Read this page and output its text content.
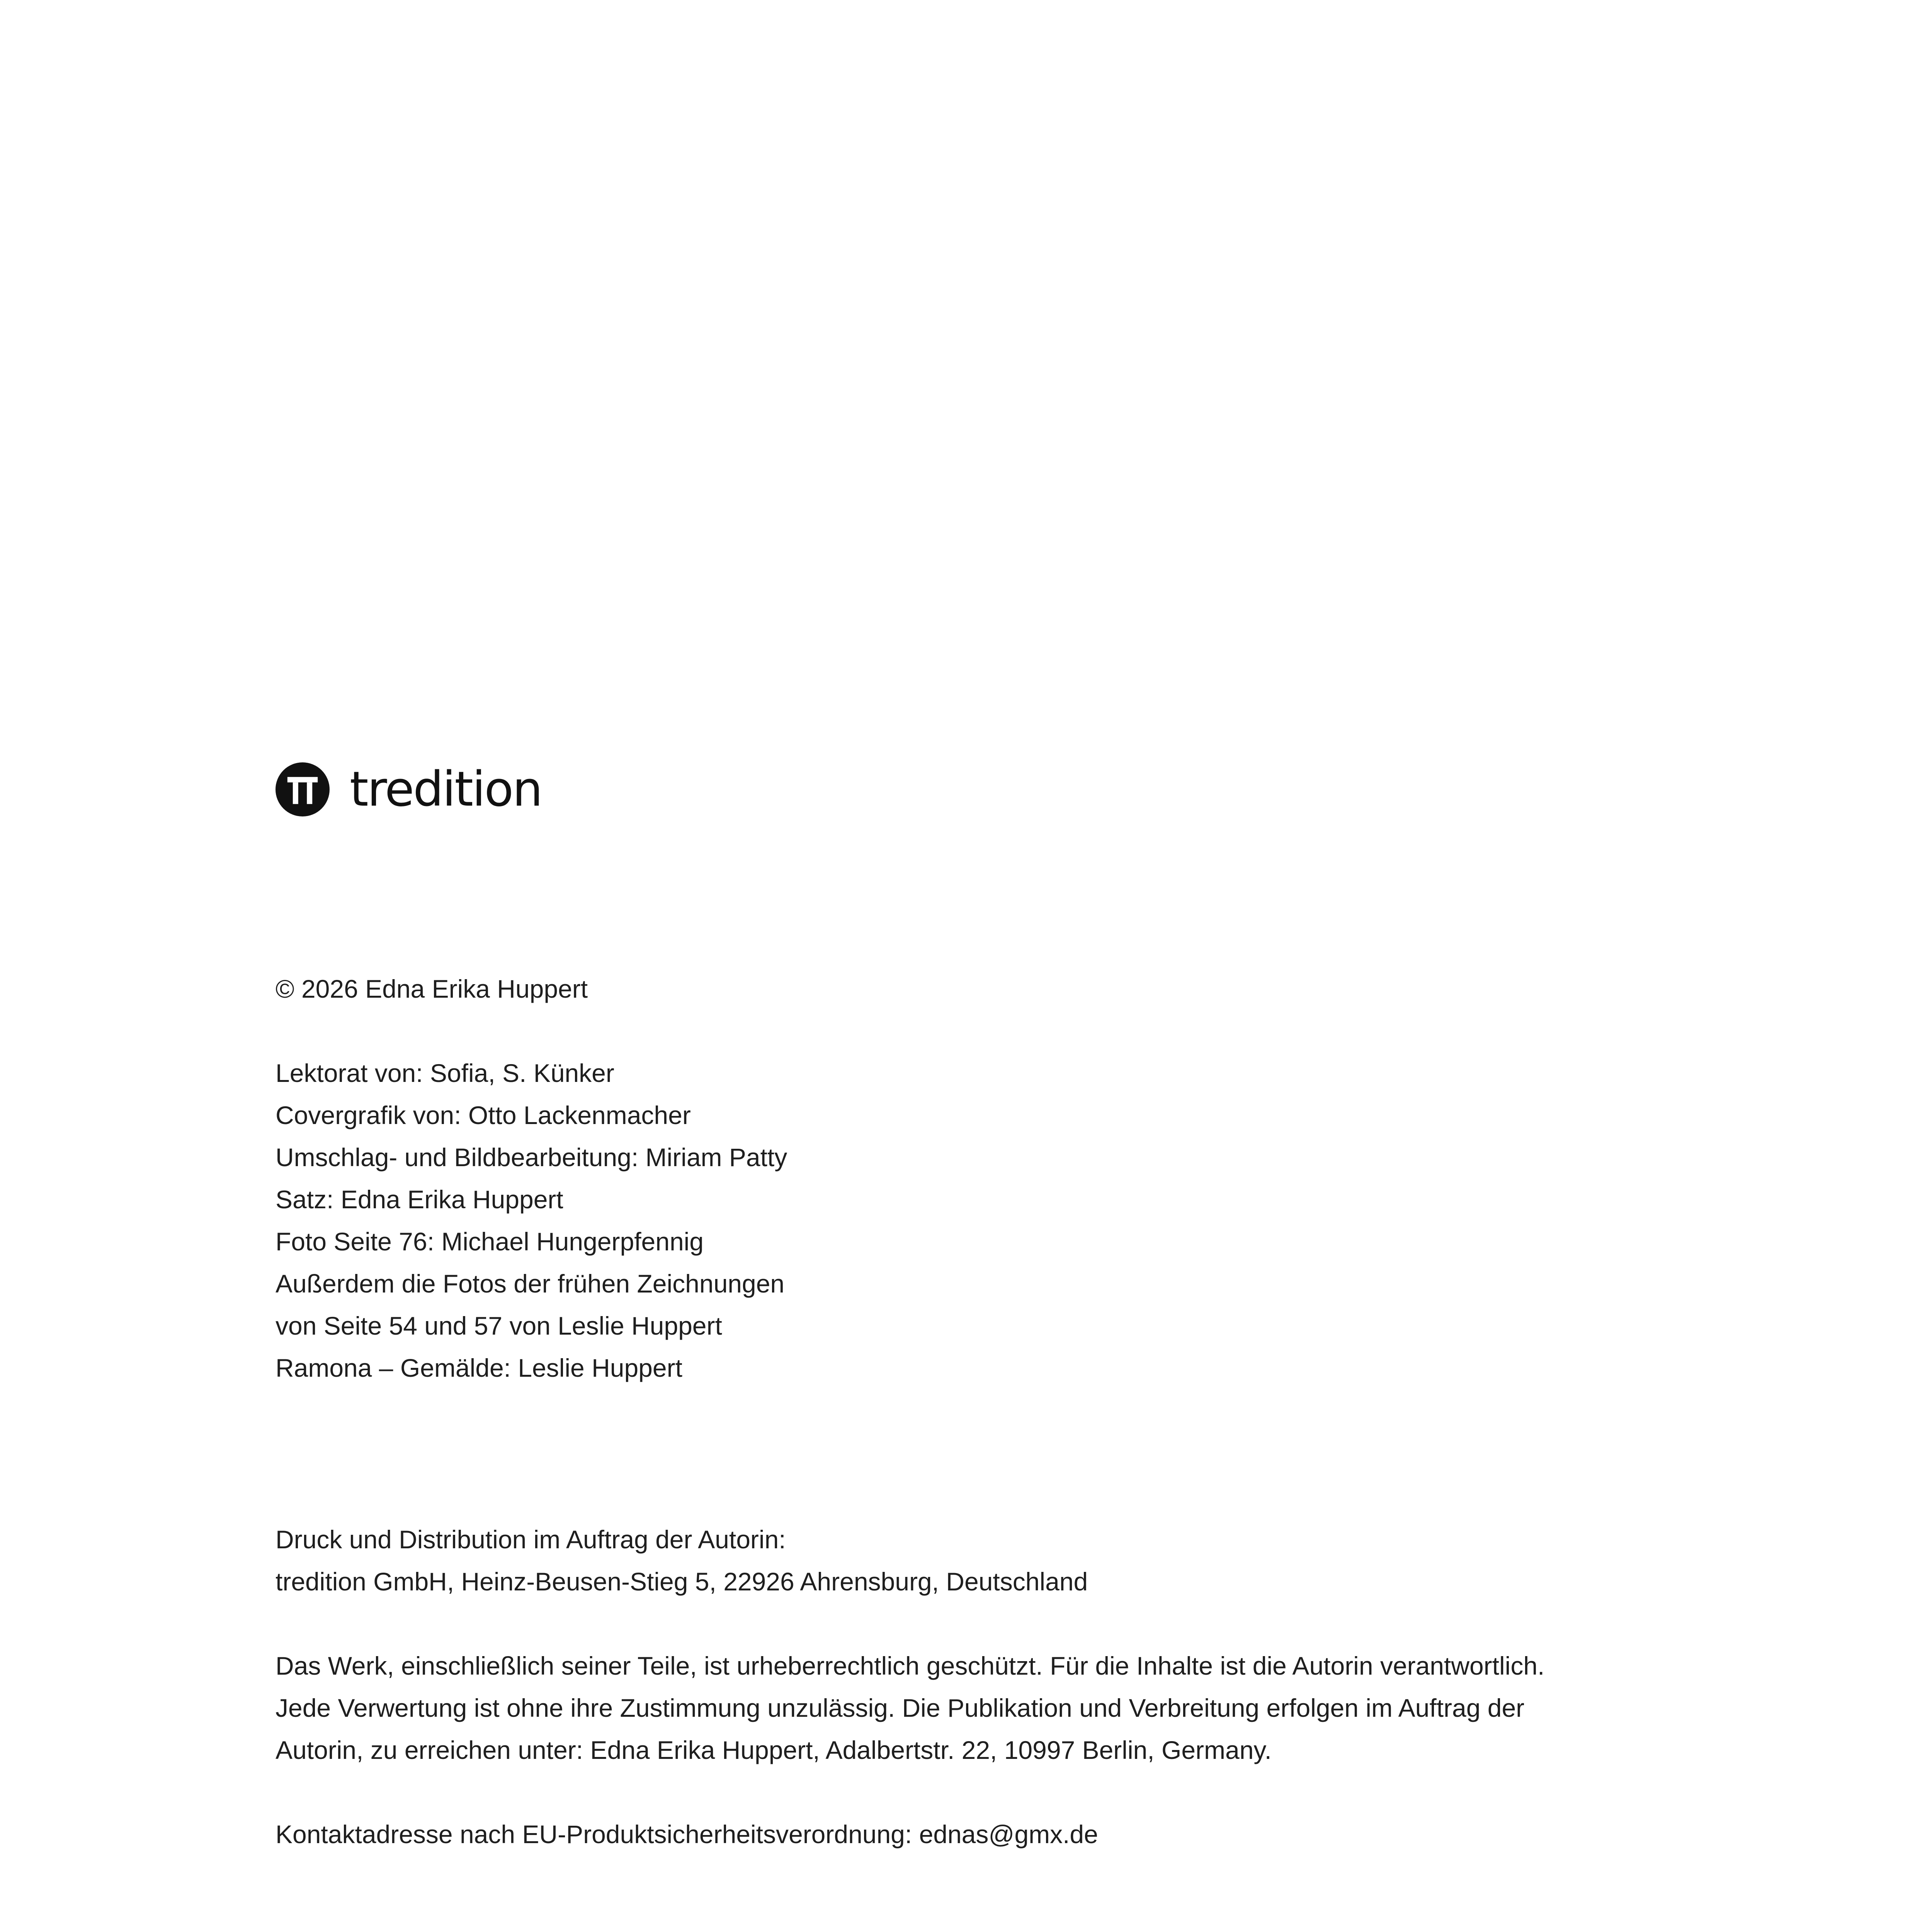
tredition
© 2026 Edna Erika Huppert
Lektorat von: Sofia, S. Künker
Covergrafik von: Otto Lackenmacher
Umschlag- und Bildbearbeitung: Miriam Patty
Satz: Edna Erika Huppert
Foto Seite 76: Michael Hungerpfennig
Außerdem die Fotos der frühen Zeichnungen
von Seite 54 und 57 von Leslie Huppert
Ramona – Gemälde: Leslie Huppert
Druck und Distribution im Auftrag der Autorin:
tredition GmbH, Heinz-Beusen-Stieg 5, 22926 Ahrensburg, Deutschland
Das Werk, einschließlich seiner Teile, ist urheberrechtlich geschützt. Für die Inhalte ist die Autorin verantwortlich.
Jede Verwertung ist ohne ihre Zustimmung unzulässig. Die Publikation und Verbreitung erfolgen im Auftrag der
Autorin, zu erreichen unter: Edna Erika Huppert, Adalbertstr. 22, 10997 Berlin, Germany.
Kontaktadresse nach EU-Produktsicherheitsverordnung: ednas@gmx.de
